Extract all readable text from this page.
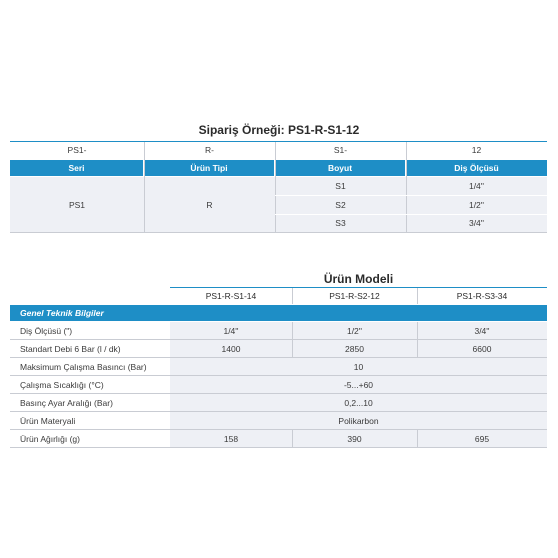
Sipariş Örneği: PS1-R-S1-12
PS1-	R-	S1-	12
Seri	Ürün Tipi	Boyut	Diş Ölçüsü
PS1	R
S1	1/4''
S2	1/2''
S3	3/4''
Ürün Modeli
PS1-R-S1-14	PS1-R-S2-12	PS1-R-S3-34
Genel Teknik Bilgiler
Diş Ölçüsü (")	1/4''	1/2''	3/4''
Standart Debi 6 Bar (l / dk)	1400	2850	6600
Maksimum Çalışma Basıncı (Bar)	10
Çalışma Sıcaklığı (°C)	-5...+60
Basınç Ayar Aralığı (Bar)	0,2...10
Ürün Materyali	Polikarbon
Ürün Ağırlığı (g)	158	390	695
